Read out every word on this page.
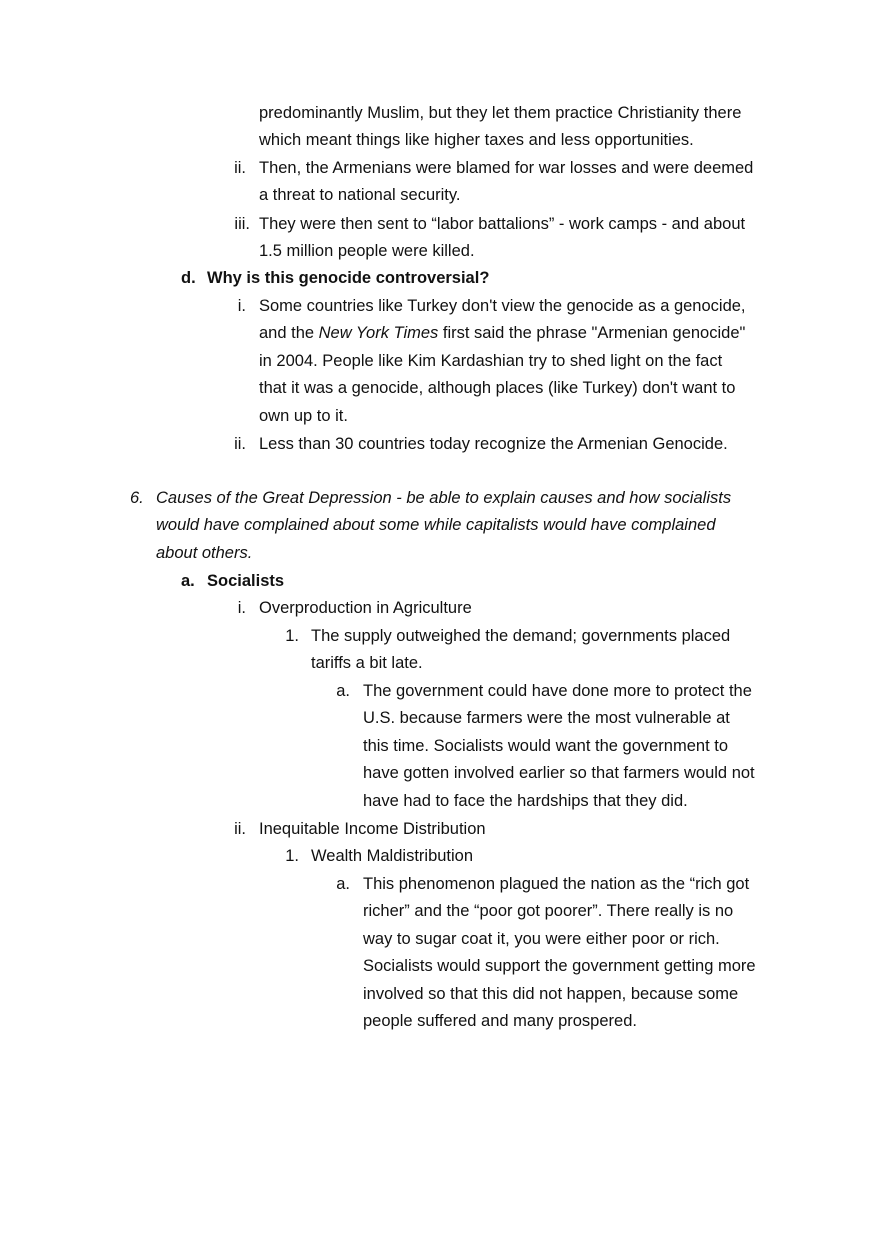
predominantly Muslim, but they let them practice Christianity there
which meant things like higher taxes and less opportunities.
ii. Then, the Armenians were blamed for war losses and were deemed
a threat to national security.
iii. They were then sent to “labor battalions” - work camps - and about
1.5 million people were killed.
d. Why is this genocide controversial?
i. Some countries like Turkey don't view the genocide as a genocide,
and the New York Times first said the phrase "Armenian genocide"
in 2004. People like Kim Kardashian try to shed light on the fact
that it was a genocide, although places (like Turkey) don't want to
own up to it.
ii. Less than 30 countries today recognize the Armenian Genocide.
6. Causes of the Great Depression - be able to explain causes and how socialists
would have complained about some while capitalists would have complained
about others.
a. Socialists
i. Overproduction in Agriculture
1. The supply outweighed the demand; governments placed
tariffs a bit late.
a. The government could have done more to protect the
U.S. because farmers were the most vulnerable at
this time. Socialists would want the government to
have gotten involved earlier so that farmers would not
have had to face the hardships that they did.
ii. Inequitable Income Distribution
1. Wealth Maldistribution
a. This phenomenon plagued the nation as the “rich got
richer” and the “poor got poorer”. There really is no
way to sugar coat it, you were either poor or rich.
Socialists would support the government getting more
involved so that this did not happen, because some
people suffered and many prospered.
